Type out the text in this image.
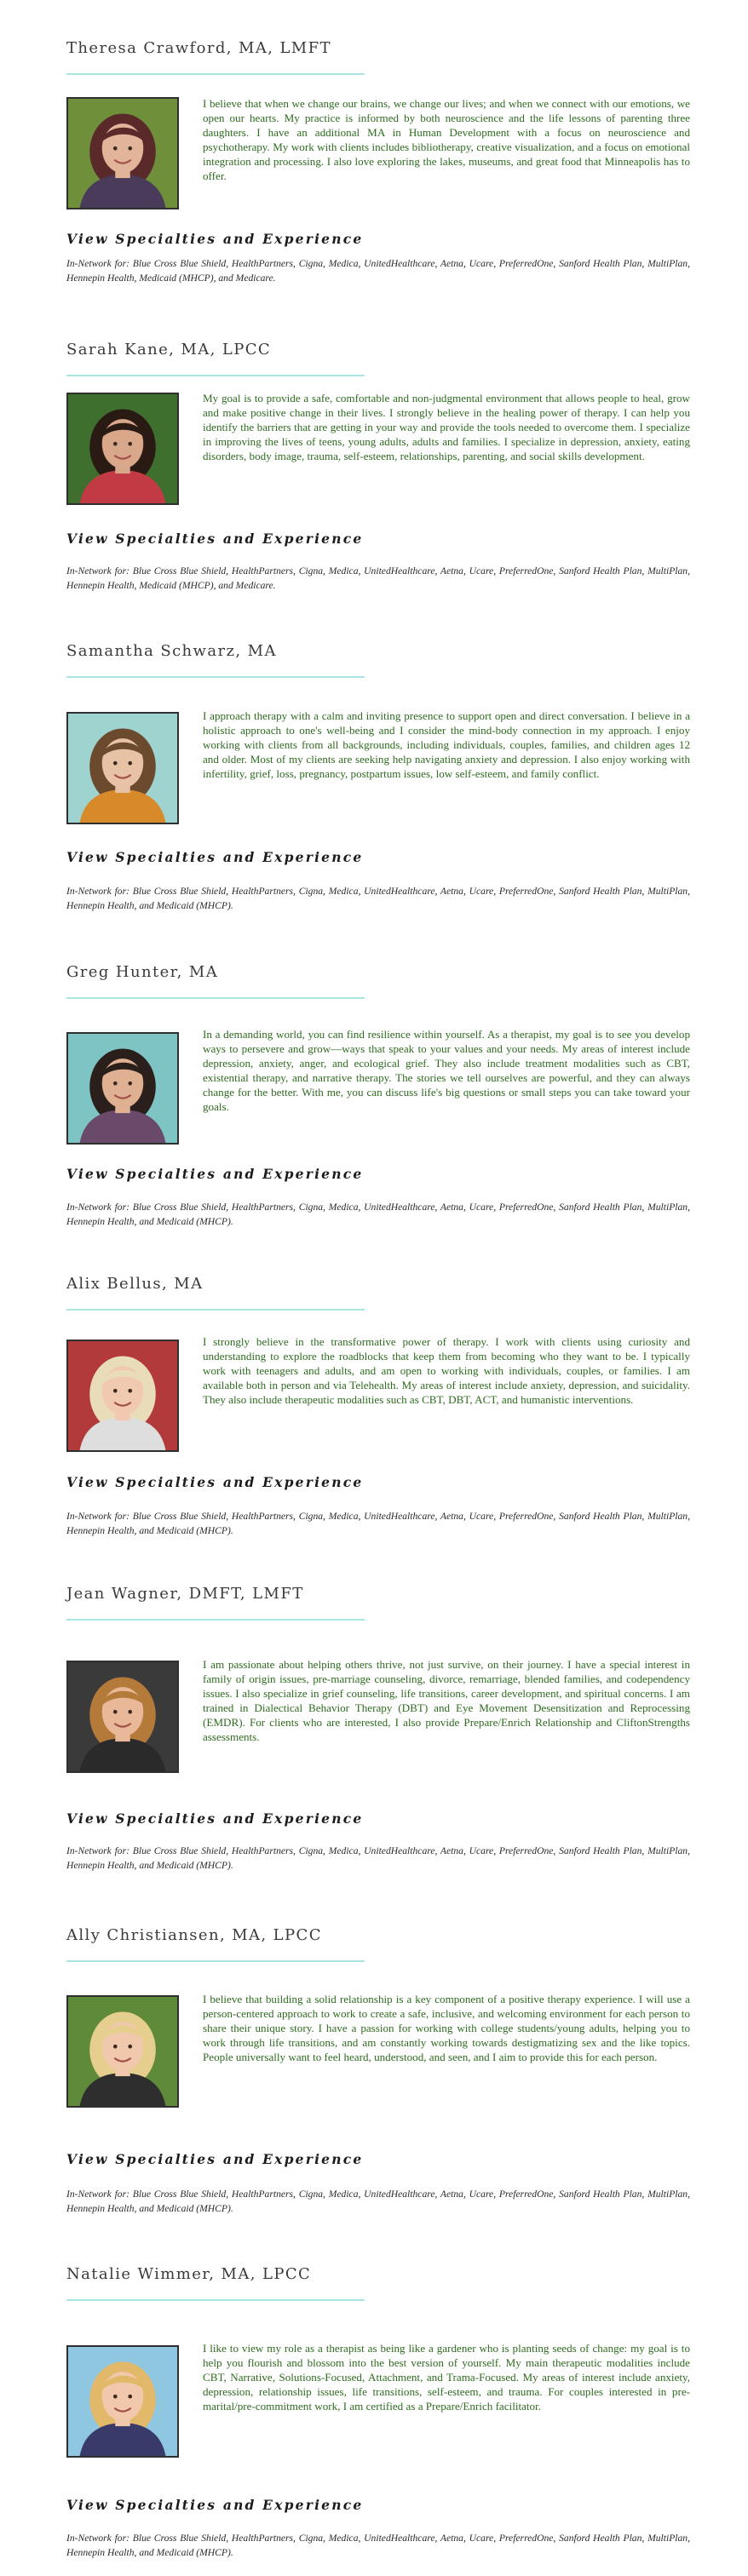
Theresa Crawford, MA, LMFT
I believe that when we change our brains, we change our lives; and when we connect with our emotions, we open our hearts. My practice is informed by both neuroscience and the life lessons of parenting three daughters. I have an additional MA in Human Development with a focus on neuroscience and psychotherapy. My work with clients includes bibliotherapy, creative visualization, and a focus on emotional integration and processing. I also love exploring the lakes, museums, and great food that Minneapolis has to offer.
View Specialties and Experience
In-Network for: Blue Cross Blue Shield, HealthPartners, Cigna, Medica, UnitedHealthcare, Aetna, Ucare, PreferredOne, Sanford Health Plan, MultiPlan, Hennepin Health, Medicaid (MHCP), and Medicare.
Sarah Kane, MA, LPCC
My goal is to provide a safe, comfortable and non-judgmental environment that allows people to heal, grow and make positive change in their lives. I strongly believe in the healing power of therapy. I can help you identify the barriers that are getting in your way and provide the tools needed to overcome them. I specialize in improving the lives of teens, young adults, adults and families. I specialize in depression, anxiety, eating disorders, body image, trauma, self-esteem, relationships, parenting, and social skills development.
View Specialties and Experience
In-Network for: Blue Cross Blue Shield, HealthPartners, Cigna, Medica, UnitedHealthcare, Aetna, Ucare, PreferredOne, Sanford Health Plan, MultiPlan, Hennepin Health, Medicaid (MHCP), and Medicare.
Samantha Schwarz, MA
I approach therapy with a calm and inviting presence to support open and direct conversation. I believe in a holistic approach to one's well-being and I consider the mind-body connection in my approach. I enjoy working with clients from all backgrounds, including individuals, couples, families, and children ages 12 and older. Most of my clients are seeking help navigating anxiety and depression. I also enjoy working with infertility, grief, loss, pregnancy, postpartum issues, low self-esteem, and family conflict.
View Specialties and Experience
In-Network for: Blue Cross Blue Shield, HealthPartners, Cigna, Medica, UnitedHealthcare, Aetna, Ucare, PreferredOne, Sanford Health Plan, MultiPlan, Hennepin Health, and Medicaid (MHCP).
Greg Hunter, MA
In a demanding world, you can find resilience within yourself. As a therapist, my goal is to see you develop ways to persevere and grow—ways that speak to your values and your needs. My areas of interest include depression, anxiety, anger, and ecological grief. They also include treatment modalities such as CBT, existential therapy, and narrative therapy. The stories we tell ourselves are powerful, and they can always change for the better. With me, you can discuss life's big questions or small steps you can take toward your goals.
View Specialties and Experience
In-Network for: Blue Cross Blue Shield, HealthPartners, Cigna, Medica, UnitedHealthcare, Aetna, Ucare, PreferredOne, Sanford Health Plan, MultiPlan, Hennepin Health, and Medicaid (MHCP).
Alix Bellus, MA
I strongly believe in the transformative power of therapy. I work with clients using curiosity and understanding to explore the roadblocks that keep them from becoming who they want to be. I typically work with teenagers and adults, and am open to working with individuals, couples, or families. I am available both in person and via Telehealth. My areas of interest include anxiety, depression, and suicidality. They also include therapeutic modalities such as CBT, DBT, ACT, and humanistic interventions.
View Specialties and Experience
In-Network for: Blue Cross Blue Shield, HealthPartners, Cigna, Medica, UnitedHealthcare, Aetna, Ucare, PreferredOne, Sanford Health Plan, MultiPlan, Hennepin Health, and Medicaid (MHCP).
Jean Wagner, DMFT, LMFT
I am passionate about helping others thrive, not just survive, on their journey. I have a special interest in family of origin issues, pre-marriage counseling, divorce, remarriage, blended families, and codependency issues. I also specialize in grief counseling, life transitions, career development, and spiritual concerns. I am trained in Dialectical Behavior Therapy (DBT) and Eye Movement Desensitization and Reprocessing (EMDR). For clients who are interested, I also provide Prepare/Enrich Relationship and CliftonStrengths assessments.
View Specialties and Experience
In-Network for: Blue Cross Blue Shield, HealthPartners, Cigna, Medica, UnitedHealthcare, Aetna, Ucare, PreferredOne, Sanford Health Plan, MultiPlan, Hennepin Health, and Medicaid (MHCP).
Ally Christiansen, MA, LPCC
I believe that building a solid relationship is a key component of a positive therapy experience. I will use a person-centered approach to work to create a safe, inclusive, and welcoming environment for each person to share their unique story. I have a passion for working with college students/young adults, helping you to work through life transitions, and am constantly working towards destigmatizing sex and the like topics. People universally want to feel heard, understood, and seen, and I aim to provide this for each person.
View Specialties and Experience
In-Network for: Blue Cross Blue Shield, HealthPartners, Cigna, Medica, UnitedHealthcare, Aetna, Ucare, PreferredOne, Sanford Health Plan, MultiPlan, Hennepin Health, and Medicaid (MHCP).
Natalie Wimmer, MA, LPCC
I like to view my role as a therapist as being like a gardener who is planting seeds of change: my goal is to help you flourish and blossom into the best version of yourself. My main therapeutic modalities include CBT, Narrative, Solutions-Focused, Attachment, and Trama-Focused. My areas of interest include anxiety, depression, relationship issues, life transitions, self-esteem, and trauma. For couples interested in pre-marital/pre-commitment work, I am certified as a Prepare/Enrich facilitator.
View Specialties and Experience
In-Network for: Blue Cross Blue Shield, HealthPartners, Cigna, Medica, UnitedHealthcare, Aetna, Ucare, PreferredOne, Sanford Health Plan, MultiPlan, Hennepin Health, and Medicaid (MHCP).
